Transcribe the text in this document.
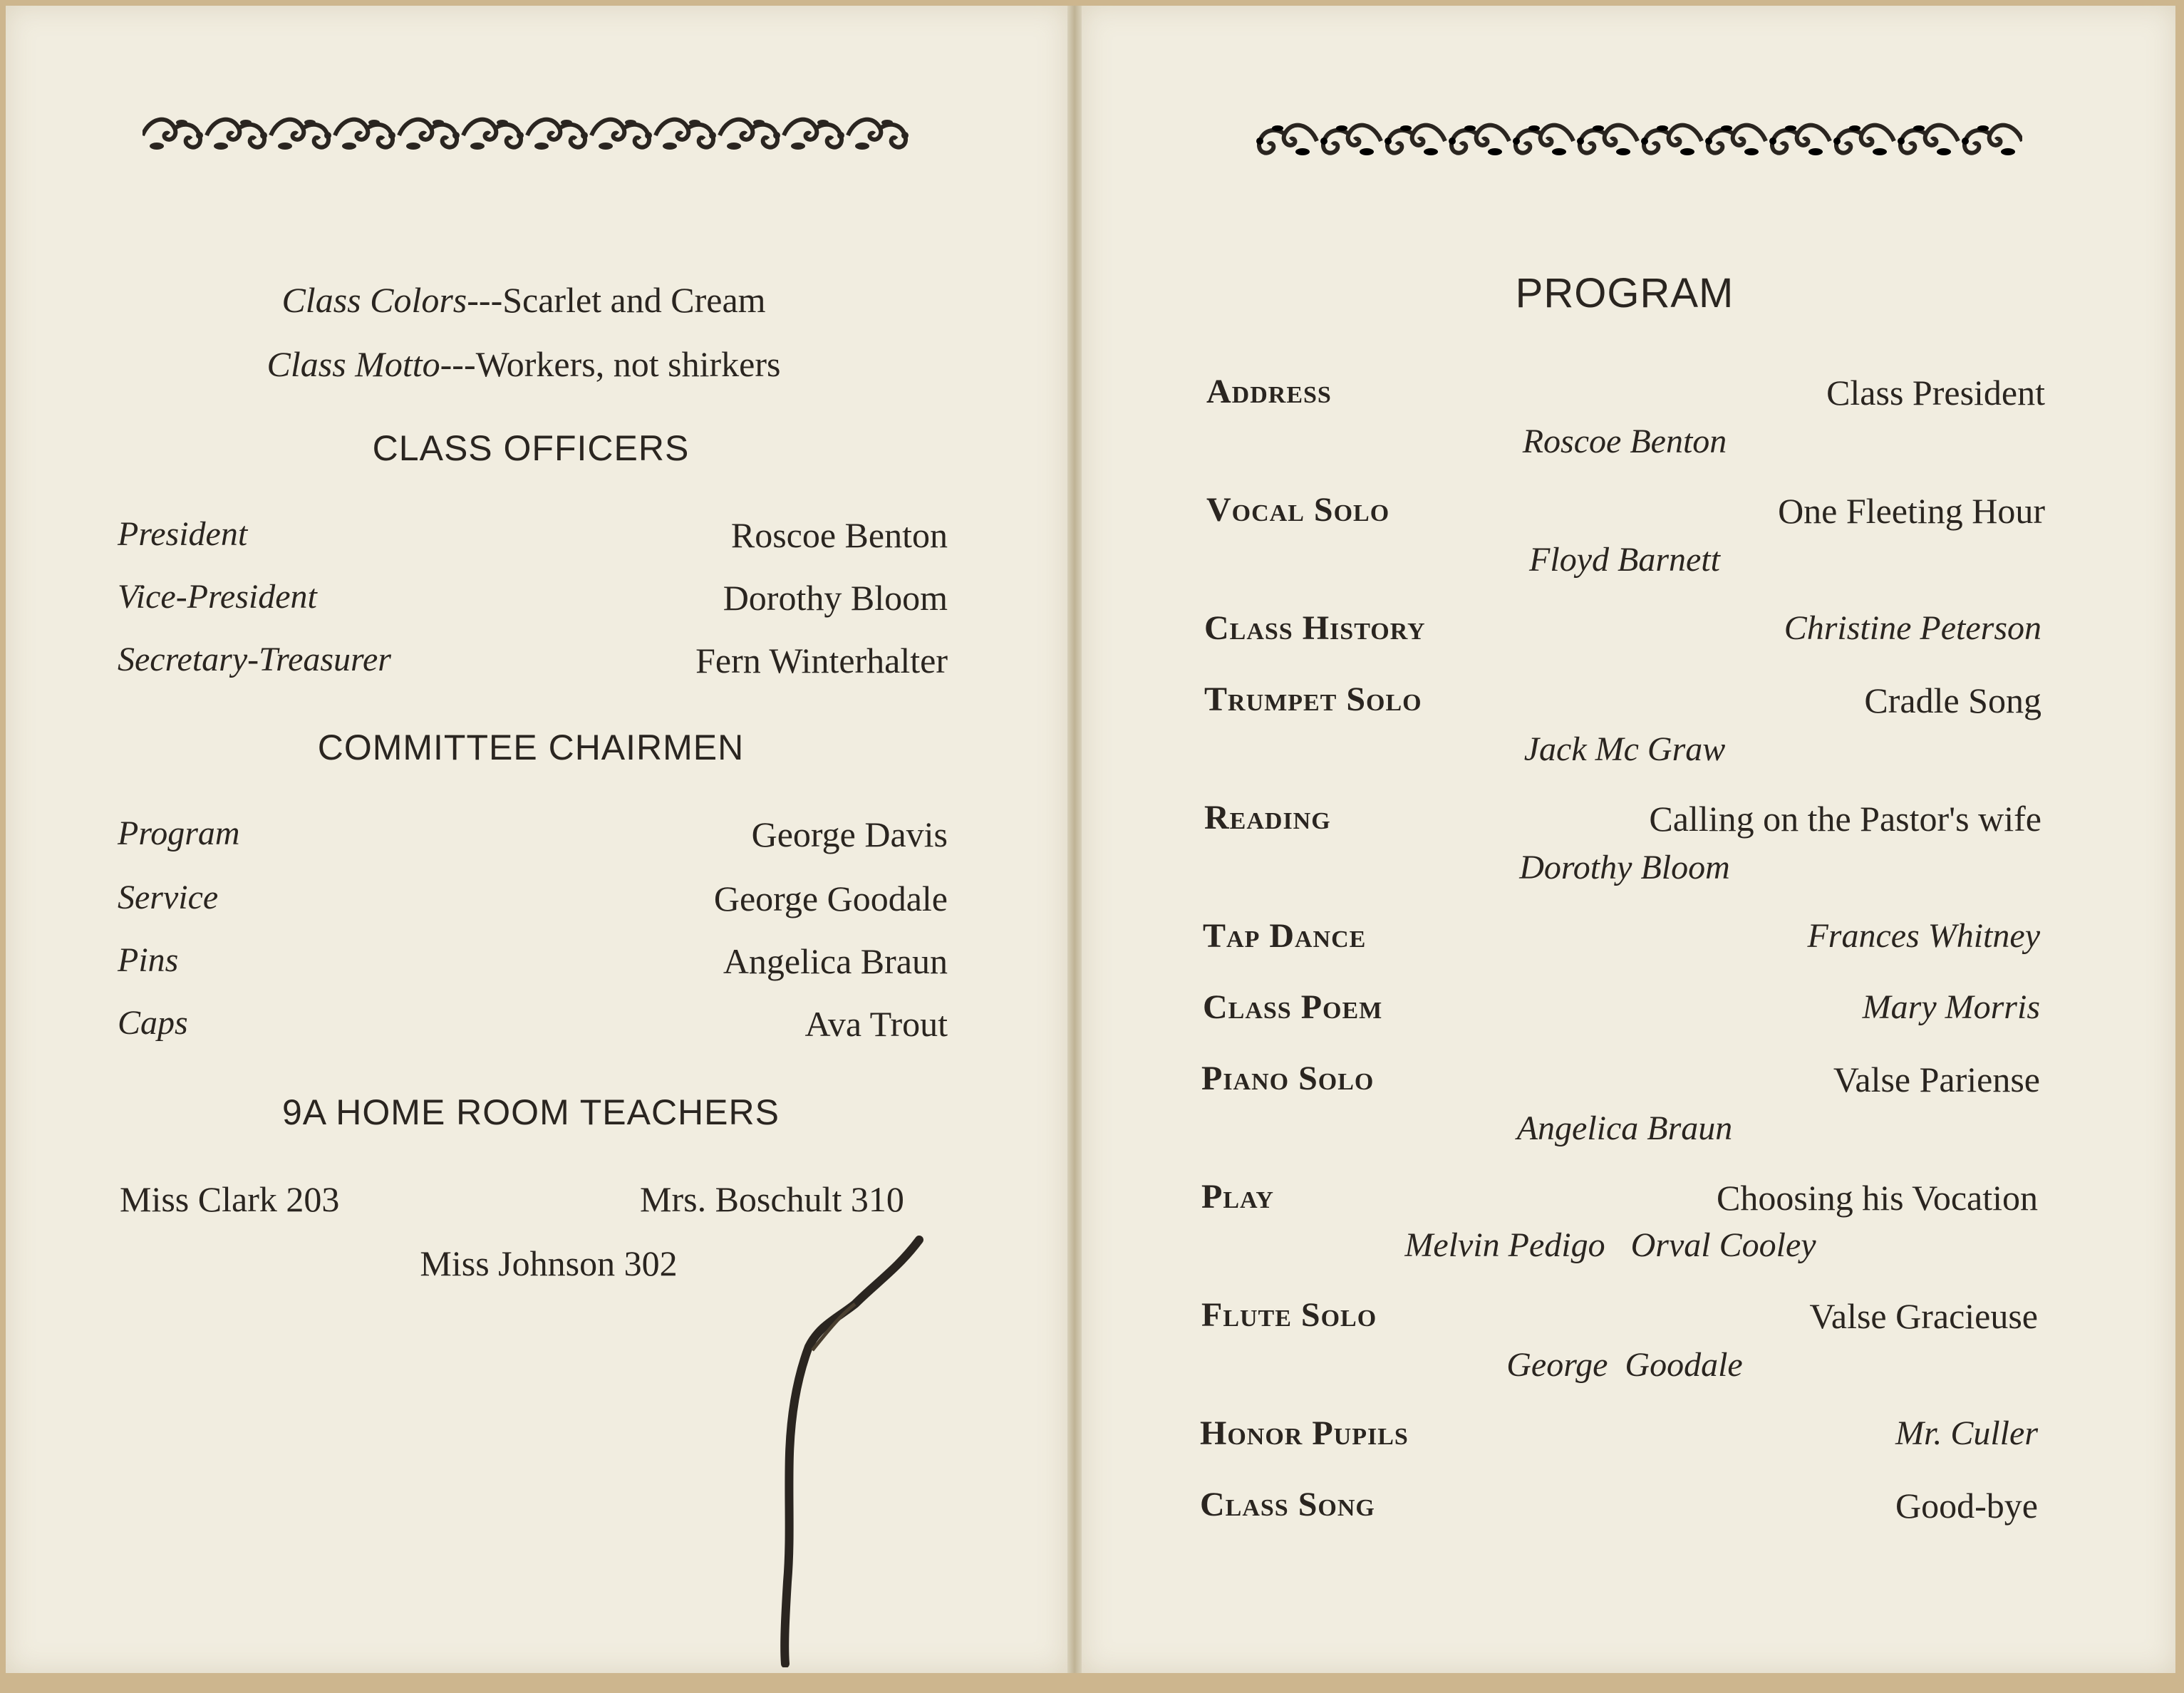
Class Colors---Scarlet and Cream
Class Motto---Workers, not shirkers
CLASS OFFICERS
President	Roscoe Benton
Vice-President	Dorothy Bloom
Secretary-Treasurer	Fern Winterhalter
COMMITTEE CHAIRMEN
Program	George Davis
Service	George Goodale
Pins	Angelica Braun
Caps	Ava Trout
9A HOME ROOM TEACHERS
Miss Clark 203	Mrs. Boschult 310
Miss Johnson 302
PROGRAM
Address	Class President
Roscoe Benton
Vocal Solo	One Fleeting Hour
Floyd Barnett
Class History	Christine Peterson
Trumpet Solo	Cradle Song
Jack Mc Graw
Reading	Calling on the Pastor's wife
Dorothy Bloom
Tap Dance	Frances Whitney
Class Poem	Mary Morris
Piano Solo	Valse Pariense
Angelica Braun
Play	Choosing his Vocation
Melvin Pedigo   Orval Cooley
Flute Solo	Valse Gracieuse
George  Goodale
Honor Pupils	Mr. Culler
Class Song	Good-bye
